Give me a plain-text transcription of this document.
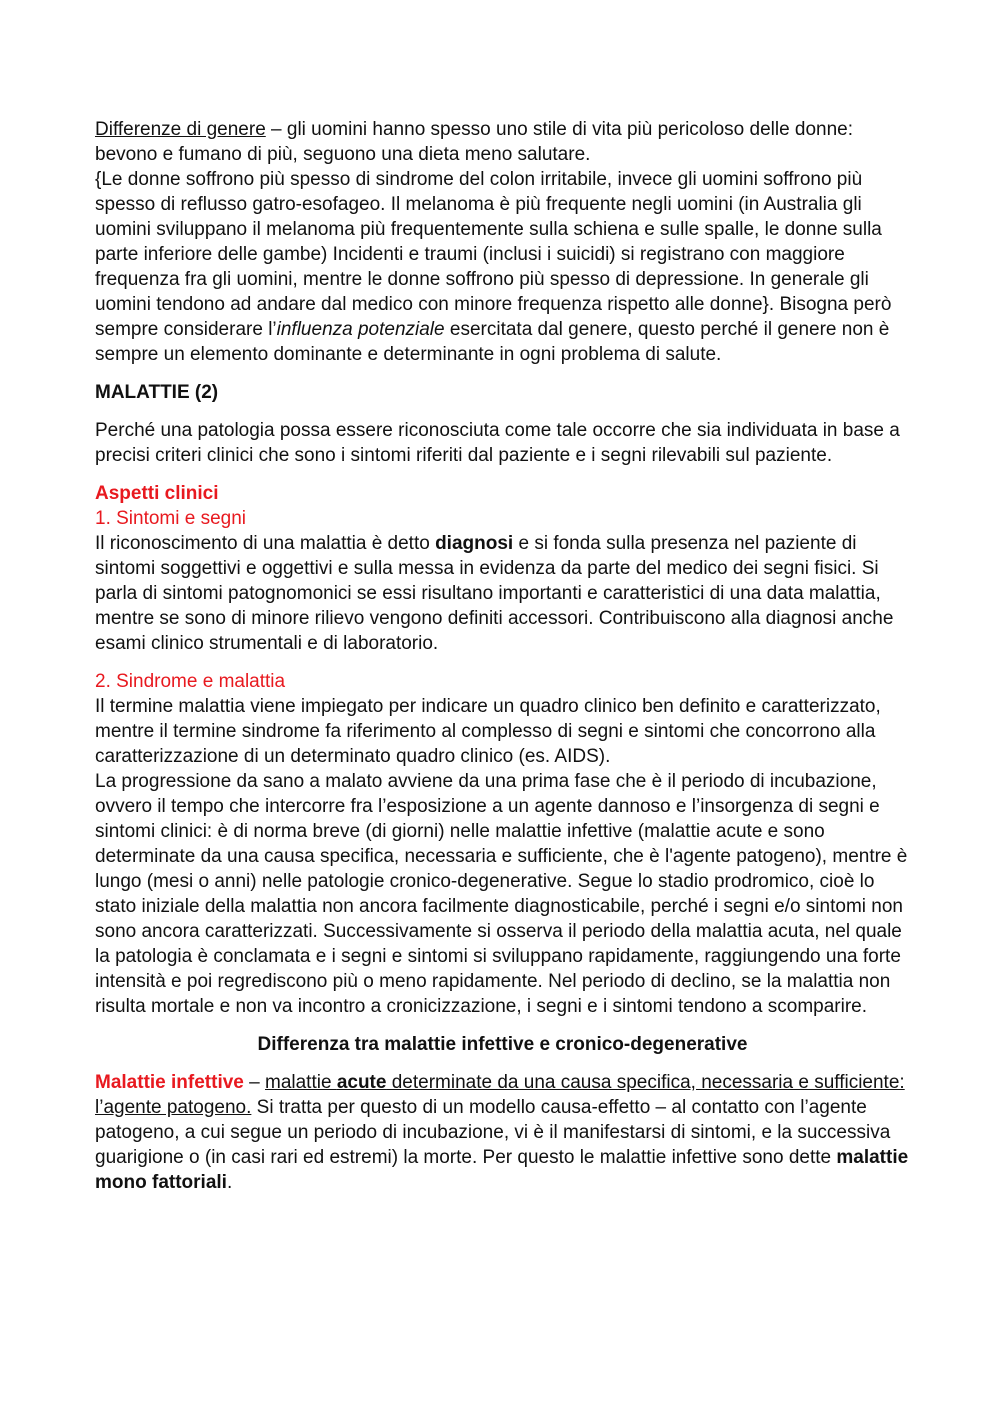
Differenze di genere – gli uomini hanno spesso uno stile di vita più pericoloso delle donne: bevono e fumano di più, seguono una dieta meno salutare.

{Le donne soffrono più spesso di sindrome del colon irritabile, invece gli uomini soffrono più spesso di reflusso gatro-esofageo. Il melanoma è più frequente negli uomini (in Australia gli uomini sviluppano il melanoma più frequentemente sulla schiena e sulle spalle, le donne sulla parte inferiore delle gambe) Incidenti e traumi (inclusi i suicidi) si registrano con maggiore frequenza fra gli uomini, mentre le donne soffrono più spesso di depressione. In generale gli uomini tendono ad andare dal medico con minore frequenza rispetto alle donne}. Bisogna però sempre considerare l’influenza potenziale esercitata dal genere, questo perché il genere non è sempre un elemento dominante e determinante in ogni problema di salute.

MALATTIE (2)

Perché una patologia possa essere riconosciuta come tale occorre che sia individuata in base a precisi criteri clinici che sono i sintomi riferiti dal paziente e i segni rilevabili sul paziente.

Aspetti clinici

1. Sintomi e segni

Il riconoscimento di una malattia è detto diagnosi e si fonda sulla presenza nel paziente di sintomi soggettivi e oggettivi e sulla messa in evidenza da parte del medico dei segni fisici. Si parla di sintomi patognomonici se essi risultano importanti e caratteristici di una data malattia, mentre se sono di minore rilievo vengono definiti accessori. Contribuiscono alla diagnosi anche esami clinico strumentali e di laboratorio.

2. Sindrome e malattia

Il termine malattia viene impiegato per indicare un quadro clinico ben definito e caratterizzato, mentre il termine sindrome fa riferimento al complesso di segni e sintomi che concorrono alla caratterizzazione di un determinato quadro clinico (es. AIDS).

La progressione da sano a malato avviene da una prima fase che è il periodo di incubazione, ovvero il tempo che intercorre fra l’esposizione a un agente dannoso e l’insorgenza di segni e sintomi clinici: è di norma breve (di giorni) nelle malattie infettive (malattie acute e sono determinate da una causa specifica, necessaria e sufficiente, che è l'agente patogeno), mentre è lungo (mesi o anni) nelle patologie cronico-degenerative. Segue lo stadio prodromico, cioè lo stato iniziale della malattia non ancora facilmente diagnosticabile, perché i segni e/o sintomi non sono ancora caratterizzati. Successivamente si osserva il periodo della malattia acuta, nel quale la patologia è conclamata e i segni e sintomi si sviluppano rapidamente, raggiungendo una forte intensità e poi regrediscono più o meno rapidamente. Nel periodo di declino, se la malattia non risulta mortale e non va incontro a cronicizzazione, i segni e i sintomi tendono a scomparire.

Differenza tra malattie infettive e cronico-degenerative

Malattie infettive – malattie acute determinate da una causa specifica, necessaria e sufficiente: l’agente patogeno. Si tratta per questo di un modello causa-effetto – al contatto con l’agente patogeno, a cui segue un periodo di incubazione, vi è il manifestarsi di sintomi, e la successiva guarigione o (in casi rari ed estremi) la morte. Per questo le malattie infettive sono dette malattie mono fattoriali.
